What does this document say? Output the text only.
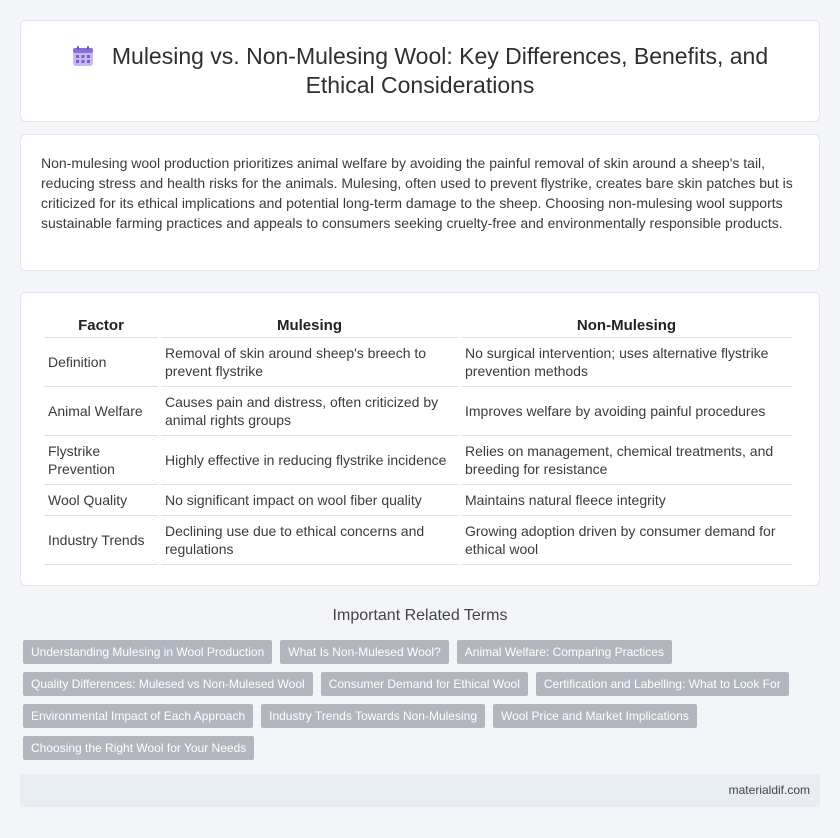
Mulesing vs. Non-Mulesing Wool: Key Differences, Benefits, and Ethical Considerations
Non-mulesing wool production prioritizes animal welfare by avoiding the painful removal of skin around a sheep's tail, reducing stress and health risks for the animals. Mulesing, often used to prevent flystrike, creates bare skin patches but is criticized for its ethical implications and potential long-term damage to the sheep. Choosing non-mulesing wool supports sustainable farming practices and appeals to consumers seeking cruelty-free and environmentally responsible products.
Factor	Mulesing	Non-Mulesing
Definition	Removal of skin around sheep's breech to prevent flystrike	No surgical intervention; uses alternative flystrike prevention methods
Animal Welfare	Causes pain and distress, often criticized by animal rights groups	Improves welfare by avoiding painful procedures
Flystrike Prevention	Highly effective in reducing flystrike incidence	Relies on management, chemical treatments, and breeding for resistance
Wool Quality	No significant impact on wool fiber quality	Maintains natural fleece integrity
Industry Trends	Declining use due to ethical concerns and regulations	Growing adoption driven by consumer demand for ethical wool
Important Related Terms
Understanding Mulesing in Wool Production	What Is Non-Mulesed Wool?	Animal Welfare: Comparing Practices
Quality Differences: Mulesed vs Non-Mulesed Wool	Consumer Demand for Ethical Wool	Certification and Labelling: What to Look For
Environmental Impact of Each Approach	Industry Trends Towards Non-Mulesing	Wool Price and Market Implications
Choosing the Right Wool for Your Needs
materialdif.com
